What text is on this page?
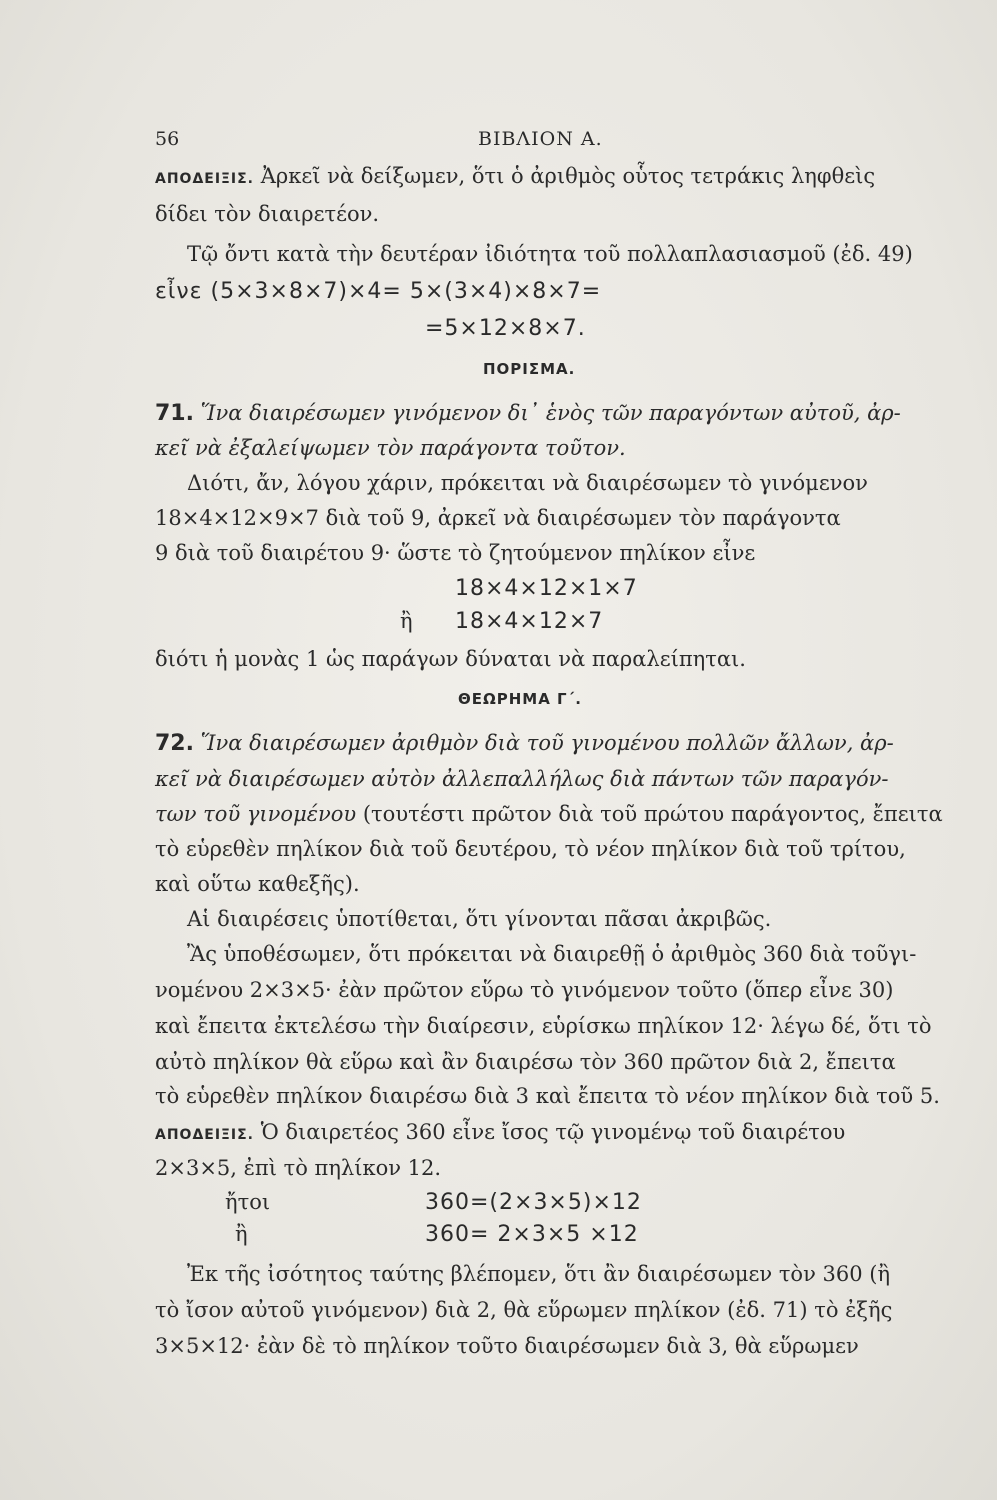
56	ΒΙΒΛΙΟΝ Α.
ΑΠΟΔΕΙΞΙΣ. Ἀρκεῖ νὰ δείξωμεν, ὅτι ὁ ἀριθμὸς οὗτος τετράκις ληφθεὶς
δίδει τὸν διαιρετέον.
Τῷ ὄντι κατὰ τὴν δευτέραν ἰδιότητα τοῦ πολλαπλασιασμοῦ (ἐδ. 49)
εἶνε (5×3×8×7)×4= 5×(3×4)×8×7=
=5×12×8×7.
ΠΟΡΙΣΜΑ.
71. Ἵνα διαιρέσωμεν γινόμενον δι᾽ ἑνὸς τῶν παραγόντων αὐτοῦ, ἀρ-
κεῖ νὰ ἐξαλείψωμεν τὸν παράγοντα τοῦτον.
Διότι, ἄν, λόγου χάριν, πρόκειται νὰ διαιρέσωμεν τὸ γινόμενον
18×4×12×9×7 διὰ τοῦ 9, ἀρκεῖ νὰ διαιρέσωμεν τὸν παράγοντα
9 διὰ τοῦ διαιρέτου 9· ὥστε τὸ ζητούμενον πηλίκον εἶνε
18×4×12×1×7
ἢ	18×4×12×7
διότι ἡ μονὰς 1 ὡς παράγων δύναται νὰ παραλείπηται.
ΘΕΩΡΗΜΑ Γ΄.
72. Ἵνα διαιρέσωμεν ἀριθμὸν διὰ τοῦ γινομένου πολλῶν ἄλλων, ἀρ-
κεῖ νὰ διαιρέσωμεν αὐτὸν ἀλλεπαλλήλως διὰ πάντων τῶν παραγόν-
των τοῦ γινομένου (τουτέστι πρῶτον διὰ τοῦ πρώτου παράγοντος, ἔπειτα
τὸ εὑρεθὲν πηλίκον διὰ τοῦ δευτέρου, τὸ νέον πηλίκον διὰ τοῦ τρίτου,
καὶ οὕτω καθεξῆς).
Αἱ διαιρέσεις ὑποτίθεται, ὅτι γίνονται πᾶσαι ἀκριβῶς.
Ἂς ὑποθέσωμεν, ὅτι πρόκειται νὰ διαιρεθῇ ὁ ἀριθμὸς 360 διὰ τοῦγι-
νομένου 2×3×5· ἐὰν πρῶτον εὕρω τὸ γινόμενον τοῦτο (ὅπερ εἶνε 30)
καὶ ἔπειτα ἐκτελέσω τὴν διαίρεσιν, εὑρίσκω πηλίκον 12· λέγω δέ, ὅτι τὸ
αὐτὸ πηλίκον θὰ εὕρω καὶ ἂν διαιρέσω τὸν 360 πρῶτον διὰ 2, ἔπειτα
τὸ εὑρεθὲν πηλίκον διαιρέσω διὰ 3 καὶ ἔπειτα τὸ νέον πηλίκον διὰ τοῦ 5.
ΑΠΟΔΕΙΞΙΣ. Ὁ διαιρετέος 360 εἶνε ἴσος τῷ γινομένῳ τοῦ διαιρέτου
2×3×5, ἐπὶ τὸ πηλίκον 12.
ἤτοι	360=(2×3×5)×12
ἢ	360= 2×3×5 ×12
Ἐκ τῆς ἰσότητος ταύτης βλέπομεν, ὅτι ἂν διαιρέσωμεν τὸν 360 (ἢ
τὸ ἴσον αὐτοῦ γινόμενον) διὰ 2, θὰ εὕρωμεν πηλίκον (ἐδ. 71) τὸ ἐξῆς
3×5×12· ἐὰν δὲ τὸ πηλίκον τοῦτο διαιρέσωμεν διὰ 3, θὰ εὕρωμεν
